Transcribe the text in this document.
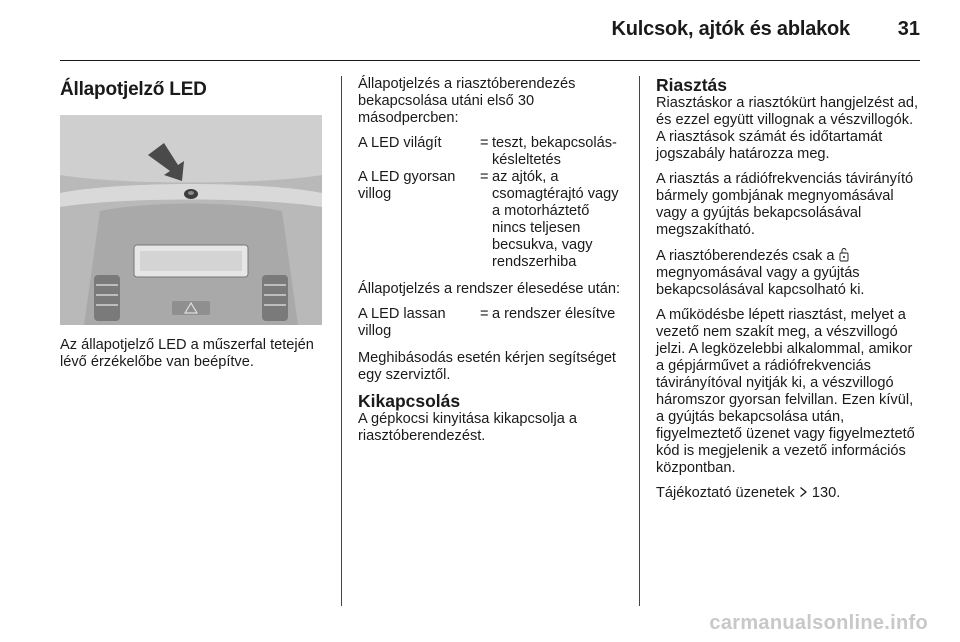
Kulcsok, ajtók és ablakok	31
Állapotjelző LED

Az állapotjelző LED a műszerfal tetején lévő érzékelőbe van beépítve.

Állapotjelzés a riasztóberendezés bekapcsolása utáni első 30 másodpercben:

A LED világít	=	teszt, bekapcsolás-késleltetés
A LED gyorsan villog	=	az ajtók, a csomagtérajtó vagy a motorháztető nincs teljesen becsukva, vagy rendszerhiba

Állapotjelzés a rendszer élesedése után:

A LED lassan villog	=	a rendszer élesítve

Meghibásodás esetén kérjen segítséget egy szerviztől.

Kikapcsolás

A gépkocsi kinyitása kikapcsolja a riasztóberendezést.

Riasztás

Riasztáskor a riasztókürt hangjelzést ad, és ezzel együtt villognak a vészvillogók. A riasztások számát és időtartamát jogszabály határozza meg.

A riasztás a rádiófrekvenciás távirányító bármely gombjának megnyomásával vagy a gyújtás bekapcsolásával megszakítható.

A riasztóberendezés csak a  megnyomásával vagy a gyújtás bekapcsolásával kapcsolható ki.

A működésbe lépett riasztást, melyet a vezető nem szakít meg, a vészvillogó jelzi. A legközelebbi alkalommal, amikor a gépjárművet a rádiófrekvenciás távirányítóval nyitják ki, a vészvillogó háromszor gyorsan felvillan. Ezen kívül, a gyújtás bekapcsolása után, figyelmeztető üzenet vagy figyelmeztető kód is megjelenik a vezető információs központban.

Tájékoztató üzenetek 130.

carmanualsonline.info
